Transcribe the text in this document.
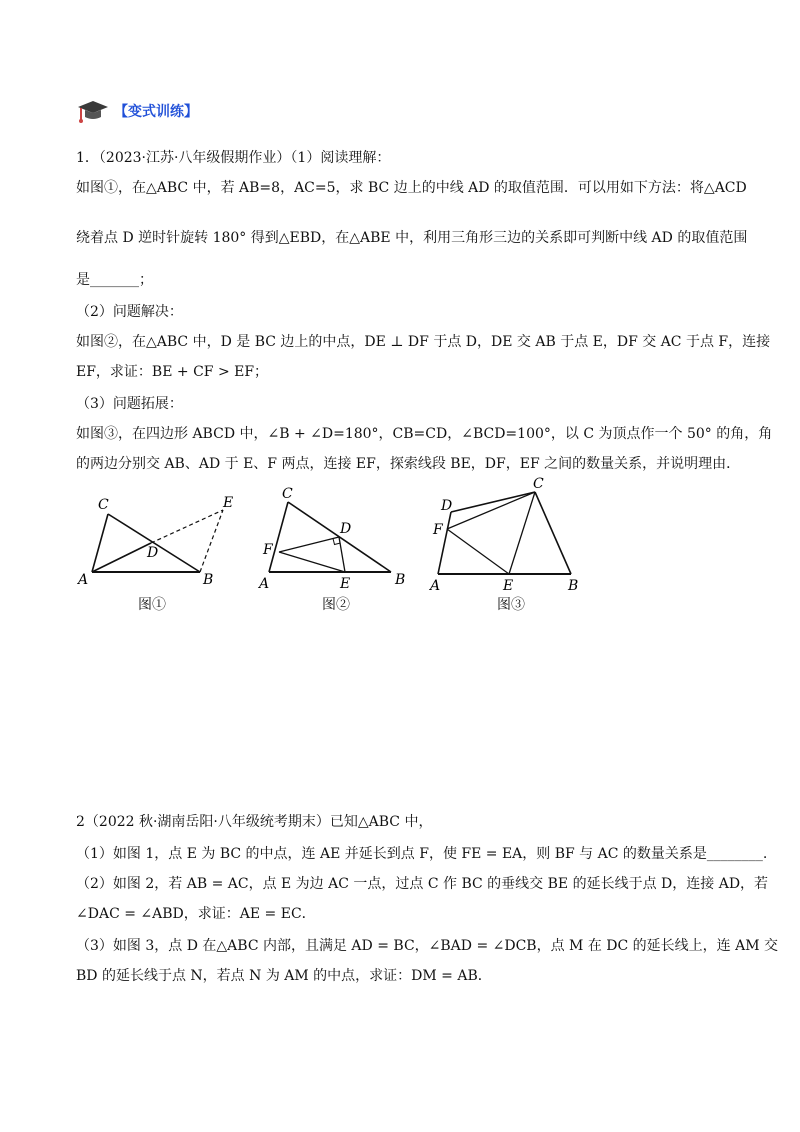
【变式训练】
1．（2023·江苏·八年级假期作业）（1）阅读理解：
如图①，在△ABC 中，若 AB=8，AC=5，求 BC 边上的中线 AD 的取值范围．可以用如下方法：将△ACD
绕着点 D 逆时针旋转 180° 得到△EBD，在△ABE 中，利用三角形三边的关系即可判断中线 AD 的取值范围
是_______；
（2）问题解决：
如图②，在△ABC 中，D 是 BC 边上的中点，DE ⊥ DF 于点 D，DE 交 AB 于点 E，DF 交 AC 于点 F，连接
EF，求证：BE + CF > EF；
（3）问题拓展：
如图③，在四边形 ABCD 中，∠B + ∠D=180°，CB=CD，∠BCD=100°，以 C 为顶点作一个 50° 的角，角
的两边分别交 AB、AD 于 E、F 两点，连接 EF，探索线段 BE，DF，EF 之间的数量关系，并说明理由．
A	B
C
D
E
图①
A	B
C
D
E
F
图②
A	B
C
D
E
F
图③
2（2022 秋·湖南岳阳·八年级统考期末）已知△ABC 中，
（1）如图 1，点 E 为 BC 的中点，连 AE 并延长到点 F，使 FE = EA，则 BF 与 AC 的数量关系是________.
（2）如图 2，若 AB = AC，点 E 为边 AC 一点，过点 C 作 BC 的垂线交 BE 的延长线于点 D，连接 AD，若
∠DAC = ∠ABD，求证：AE = EC．
（3）如图 3，点 D 在△ABC 内部，且满足 AD = BC，∠BAD = ∠DCB，点 M 在 DC 的延长线上，连 AM 交
BD 的延长线于点 N，若点 N 为 AM 的中点，求证：DM = AB．
